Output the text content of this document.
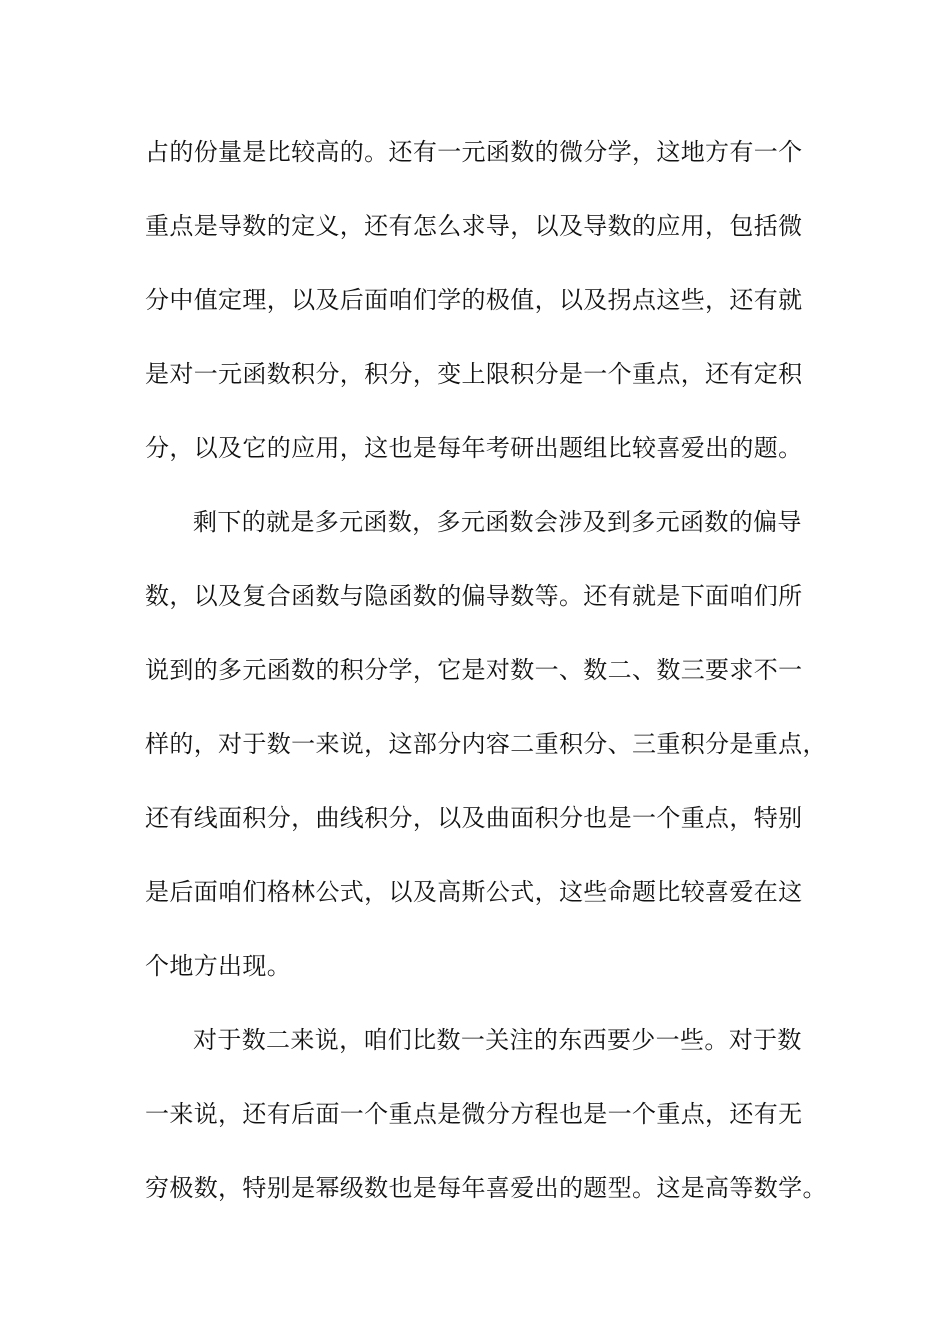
占的份量是比较高的。还有一元函数的微分学，这地方有一个
重点是导数的定义，还有怎么求导，以及导数的应用，包括微
分中值定理，以及后面咱们学的极值，以及拐点这些，还有就
是对一元函数积分，积分，变上限积分是一个重点，还有定积
分，以及它的应用，这也是每年考研出题组比较喜爱出的题。
剩下的就是多元函数，多元函数会涉及到多元函数的偏导
数，以及复合函数与隐函数的偏导数等。还有就是下面咱们所
说到的多元函数的积分学，它是对数一、数二、数三要求不一
样的，对于数一来说，这部分内容二重积分、三重积分是重点，
还有线面积分，曲线积分，以及曲面积分也是一个重点，特别
是后面咱们格林公式，以及高斯公式，这些命题比较喜爱在这
个地方出现。
对于数二来说，咱们比数一关注的东西要少一些。对于数
一来说，还有后面一个重点是微分方程也是一个重点，还有无
穷极数，特别是幂级数也是每年喜爱出的题型。这是高等数学。
